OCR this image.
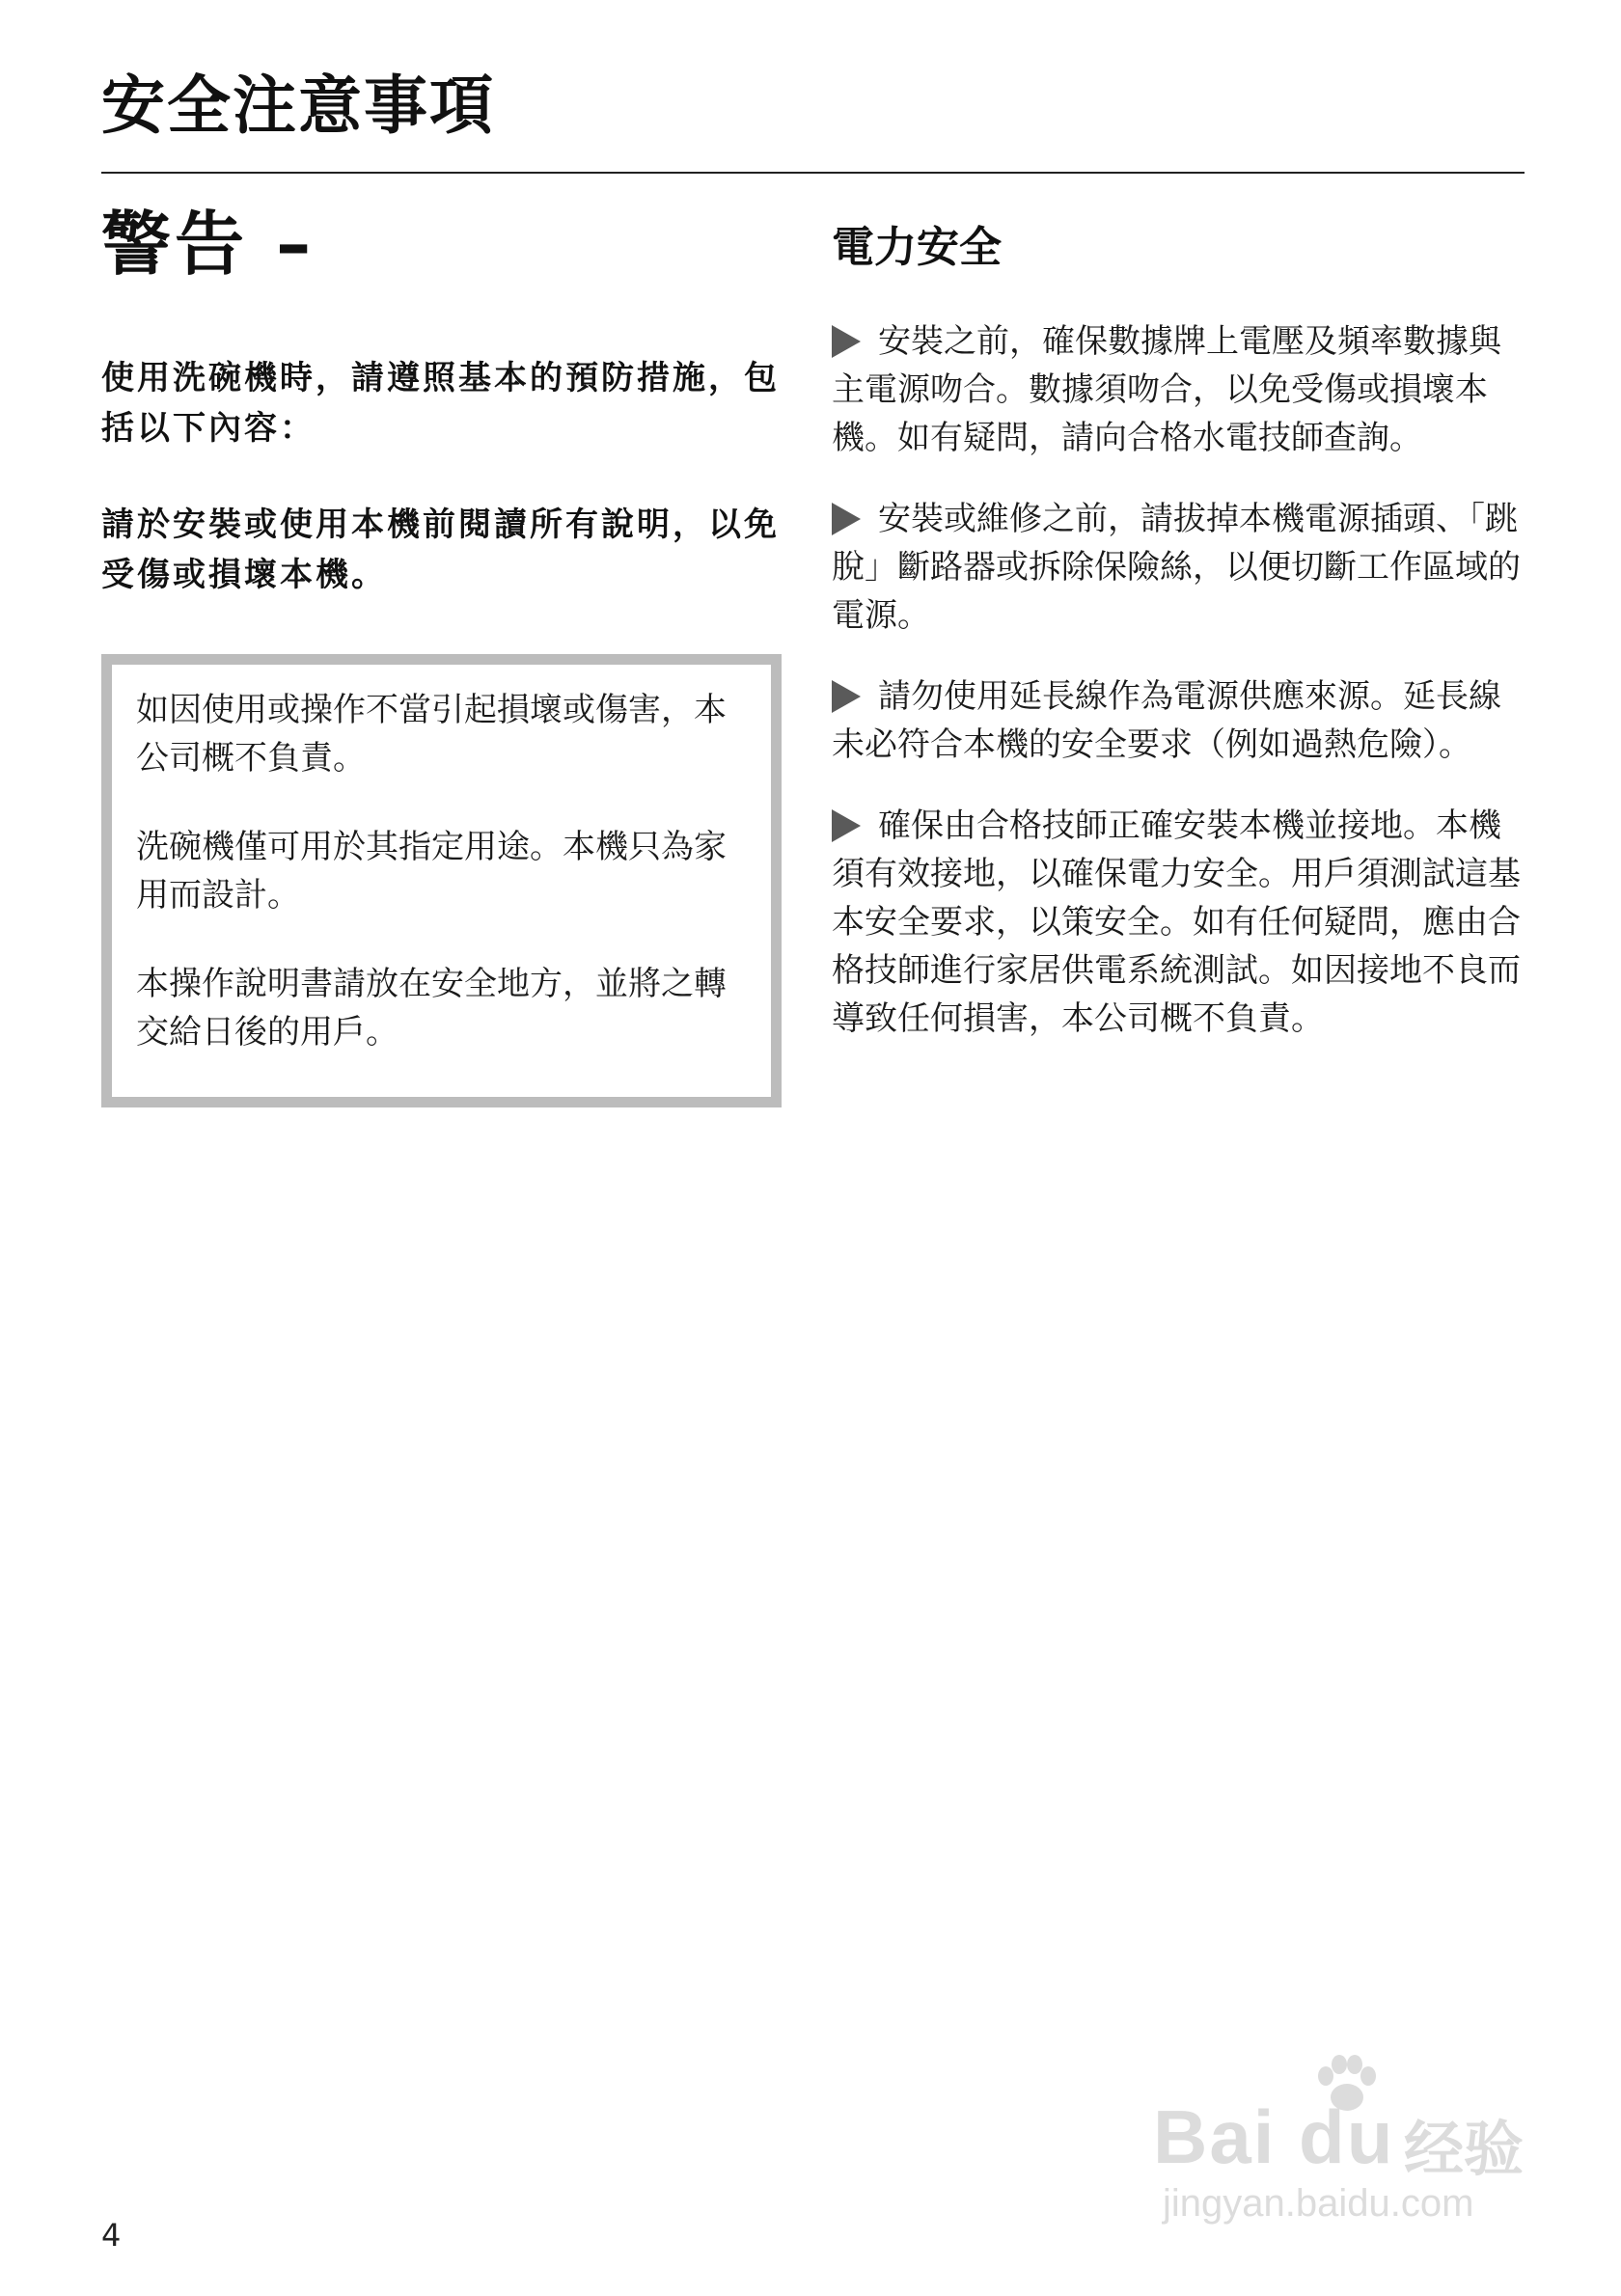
安全注意事項
警告 –

使用洗碗機時，請遵照基本的預防措施，包括以下內容：

請於安裝或使用本機前閱讀所有說明，以免受傷或損壞本機。

如因使用或操作不當引起損壞或傷害，本公司概不負責。

洗碗機僅可用於其指定用途。本機只為家用而設計。

本操作說明書請放在安全地方，並將之轉交給日後的用戶。

電力安全

安裝之前，確保數據牌上電壓及頻率數據與主電源吻合。數據須吻合，以免受傷或損壞本機。如有疑問，請向合格水電技師查詢。

安裝或維修之前，請拔掉本機電源插頭、「跳脫」斷路器或拆除保險絲，以便切斷工作區域的電源。

請勿使用延長線作為電源供應來源。延長線未必符合本機的安全要求（例如過熱危險）。

確保由合格技師正確安裝本機並接地。本機須有效接地，以確保電力安全。用戶須測試這基本安全要求，以策安全。如有任何疑問，應由合格技師進行家居供電系統測試。如因接地不良而導致任何損害，本公司概不負責。

4
Bai du 经验
jingyan.baidu.com
